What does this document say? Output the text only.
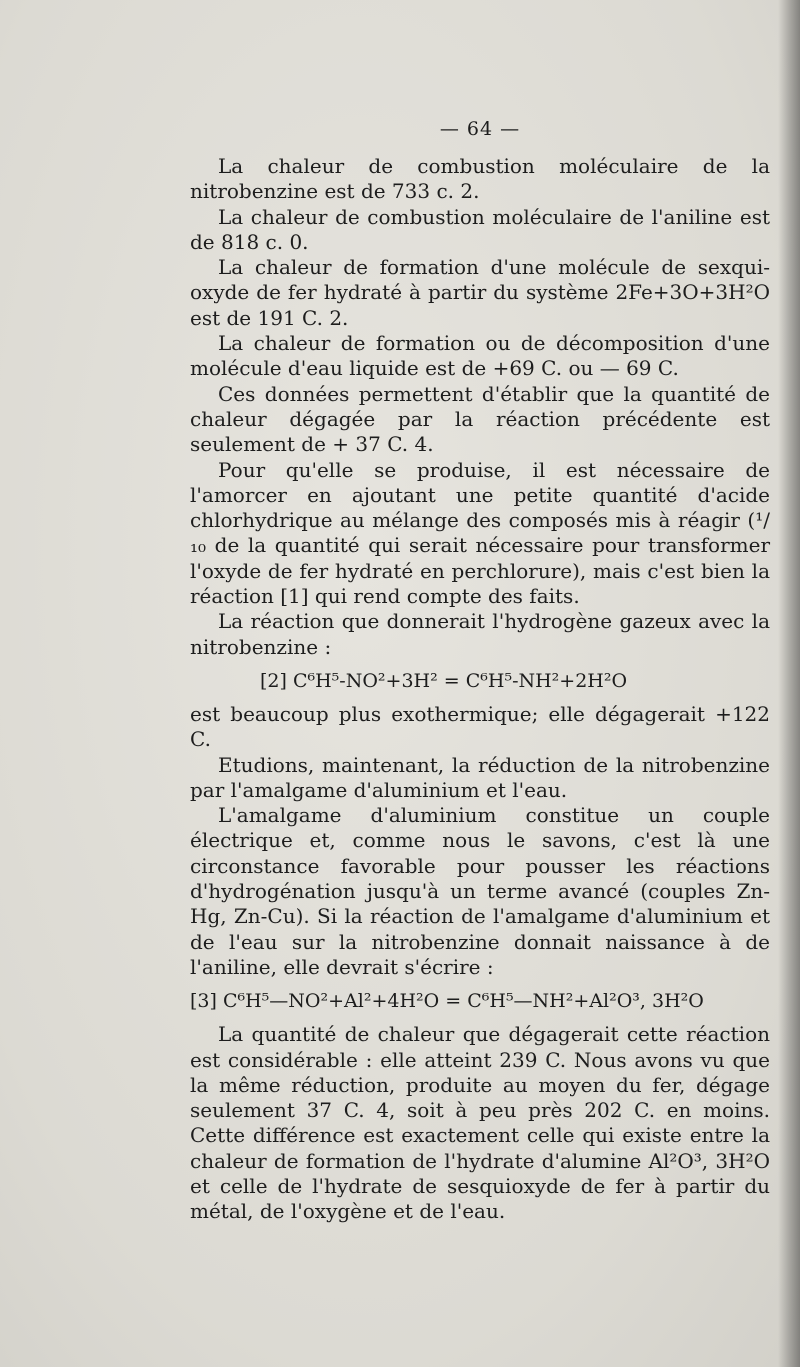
— 64 —

La chaleur de combustion moléculaire de la nitrobenzine est de 733 c. 2.

La chaleur de combustion moléculaire de l'aniline est de 818 c. 0.

La chaleur de formation d'une molécule de sexqui-oxyde de fer hydraté à partir du système 2Fe+3O+3H²O est de 191 C. 2.

La chaleur de formation ou de décomposition d'une molécule d'eau liquide est de +69 C. ou — 69 C.

Ces données permettent d'établir que la quantité de chaleur dégagée par la réaction précédente est seulement de + 37 C. 4.

Pour qu'elle se produise, il est nécessaire de l'amorcer en ajoutant une petite quantité d'acide chlorhydrique au mélange des composés mis à réagir (¹/₁₀ de la quantité qui serait nécessaire pour transformer l'oxyde de fer hydraté en perchlorure), mais c'est bien la réaction [1] qui rend compte des faits.

La réaction que donnerait l'hydrogène gazeux avec la nitrobenzine :

[2] C⁶H⁵-NO²+3H² = C⁶H⁵-NH²+2H²O

est beaucoup plus exothermique; elle dégagerait +122 C.

Etudions, maintenant, la réduction de la nitrobenzine par l'amalgame d'aluminium et l'eau.

L'amalgame d'aluminium constitue un couple électrique et, comme nous le savons, c'est là une circonstance favorable pour pousser les réactions d'hydrogénation jusqu'à un terme avancé (couples Zn-Hg, Zn-Cu). Si la réaction de l'amalgame d'aluminium et de l'eau sur la nitrobenzine donnait naissance à de l'aniline, elle devrait s'écrire :

[3] C⁶H⁵—NO²+Al²+4H²O = C⁶H⁵—NH²+Al²O³, 3H²O

La quantité de chaleur que dégagerait cette réaction est considérable : elle atteint 239 C. Nous avons vu que la même réduction, produite au moyen du fer, dégage seulement 37 C. 4, soit à peu près 202 C. en moins. Cette différence est exactement celle qui existe entre la chaleur de formation de l'hydrate d'alumine Al²O³, 3H²O et celle de l'hydrate de sesquioxyde de fer à partir du métal, de l'oxygène et de l'eau.
